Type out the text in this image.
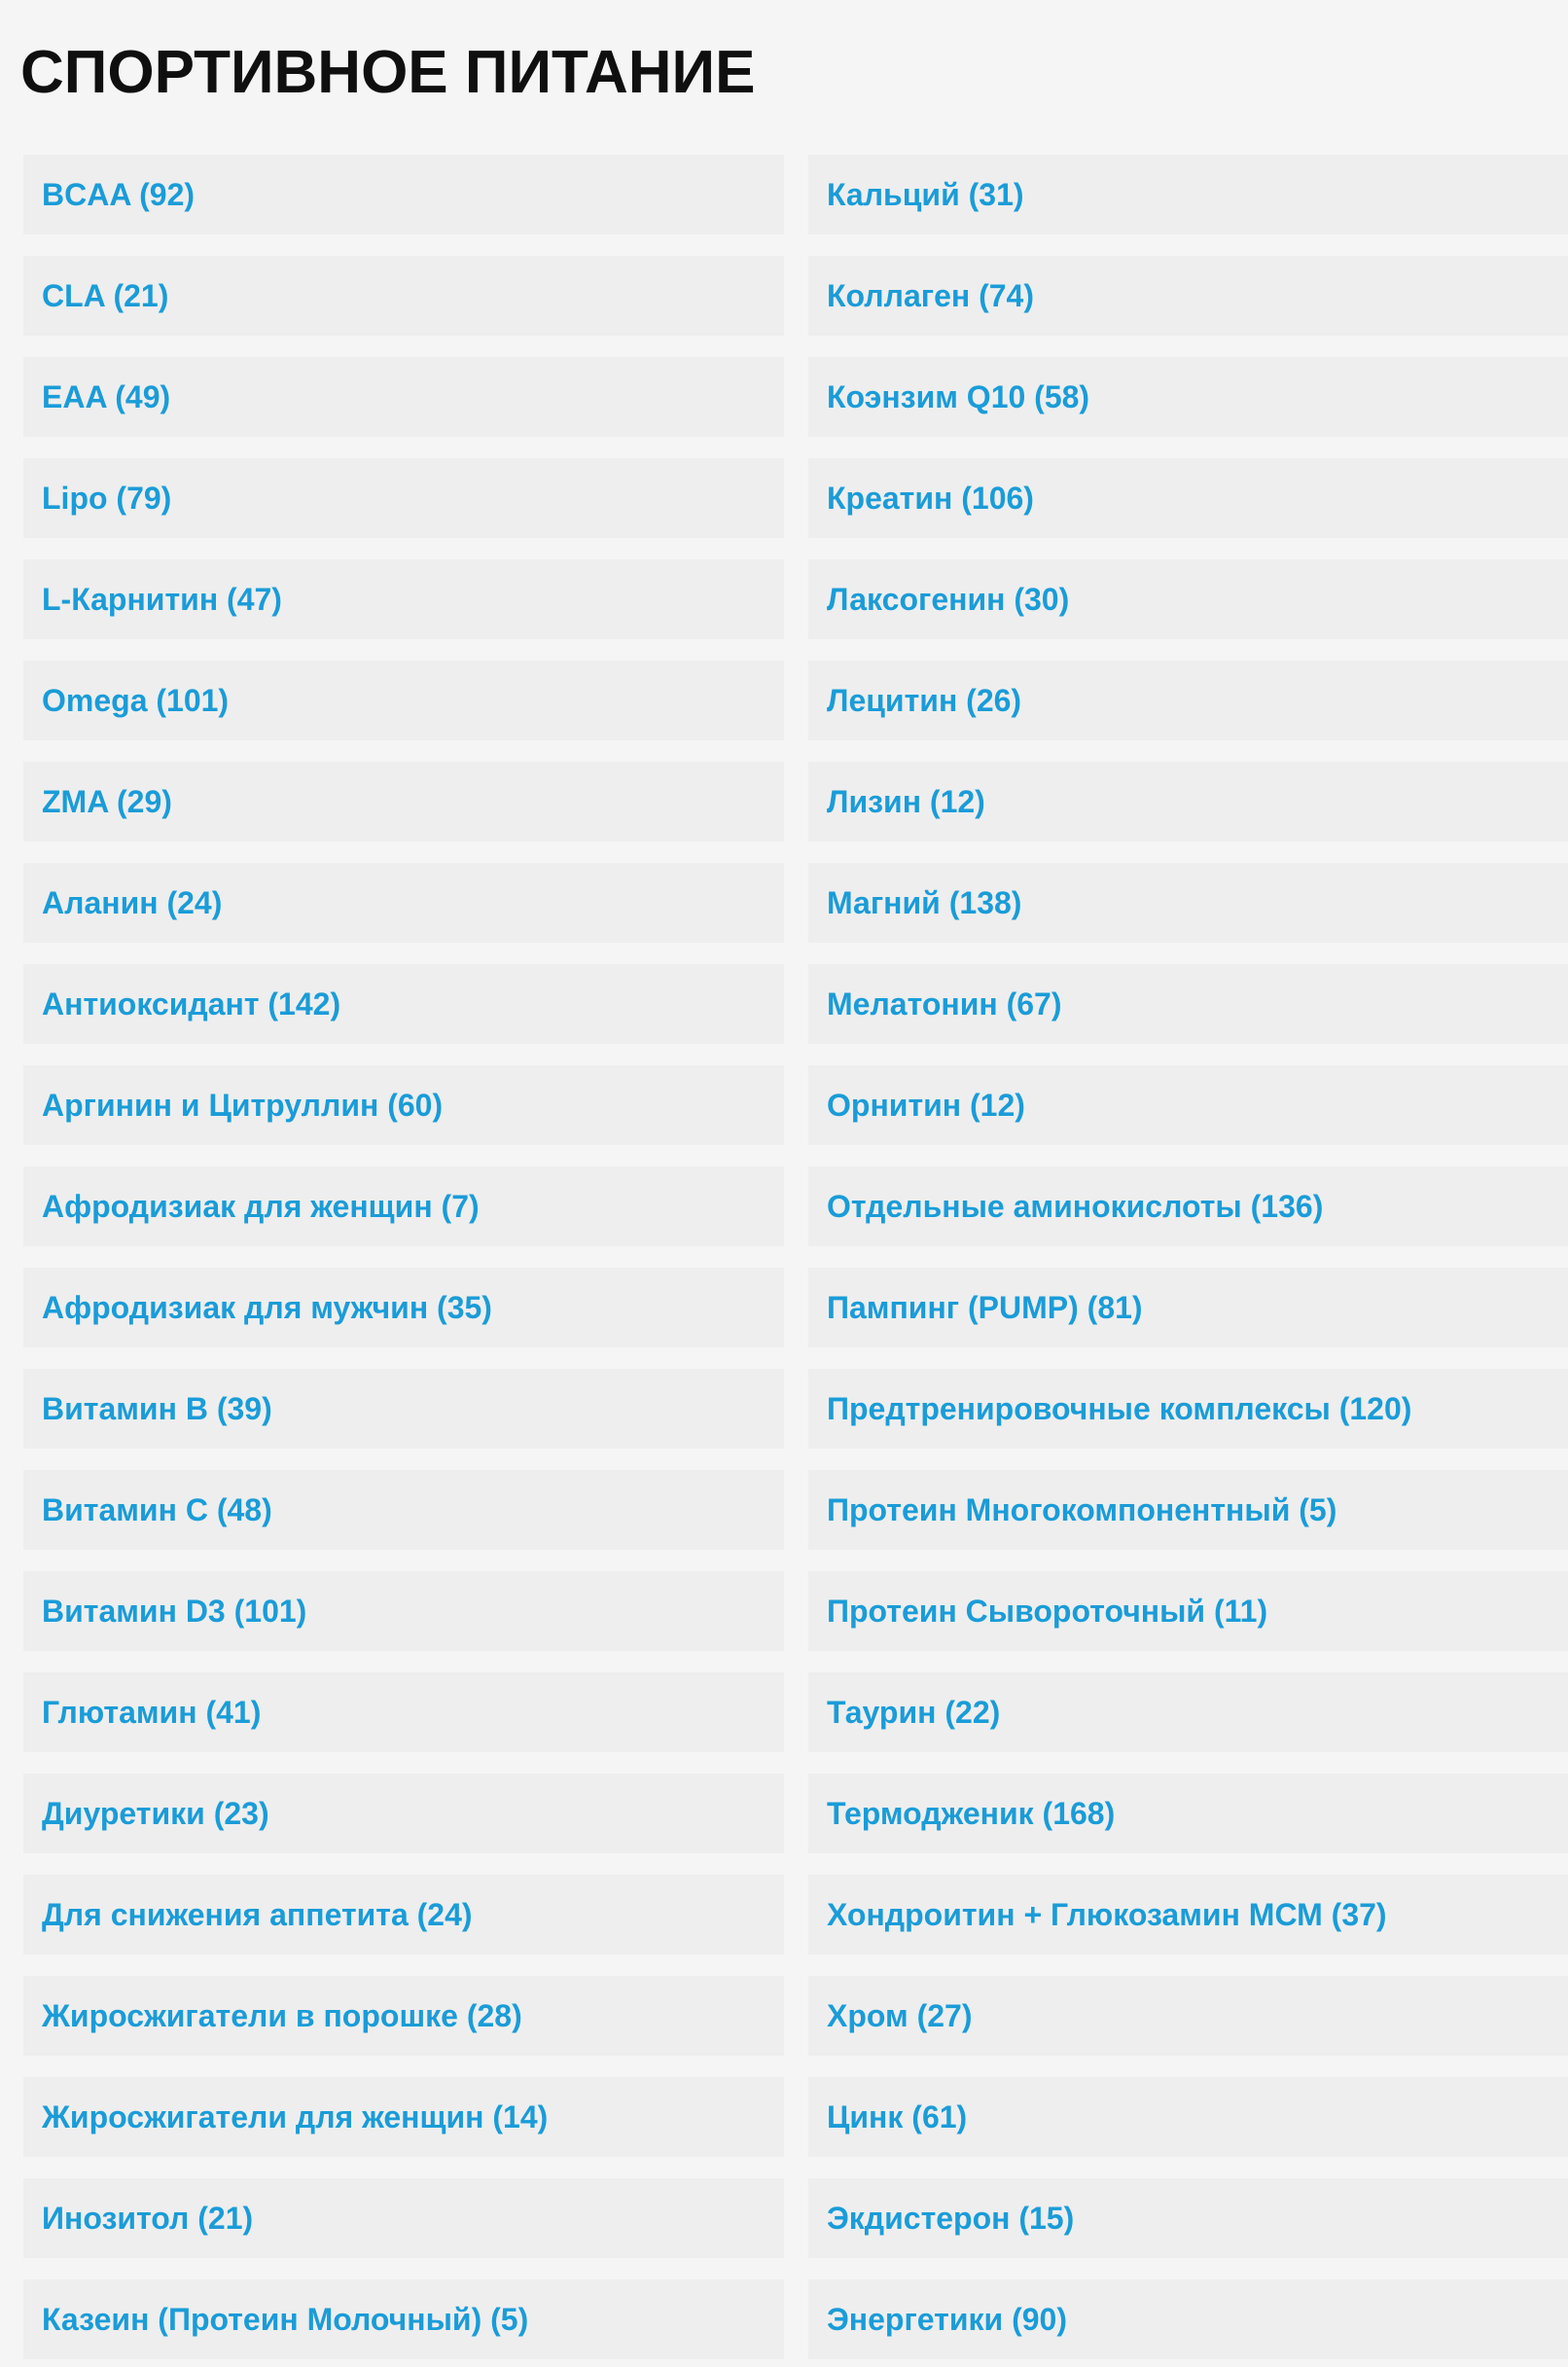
СПОРТИВНОЕ ПИТАНИЕ
BCAA (92)
CLA (21)
EAA (49)
Lipo (79)
L-Карнитин (47)
Omega (101)
ZMA (29)
Аланин (24)
Антиоксидант (142)
Аргинин и Цитруллин (60)
Афродизиак для женщин (7)
Афродизиак для мужчин (35)
Витамин B (39)
Витамин C (48)
Витамин D3 (101)
Глютамин (41)
Диуретики (23)
Для снижения аппетита (24)
Жиросжигатели в порошке (28)
Жиросжигатели для женщин (14)
Инозитол (21)
Казеин (Протеин Молочный) (5)
Кальций (31)
Коллаген (74)
Коэнзим Q10 (58)
Креатин (106)
Лаксогенин (30)
Лецитин (26)
Лизин (12)
Магний (138)
Мелатонин (67)
Орнитин (12)
Отдельные аминокислоты (136)
Пампинг (PUMP) (81)
Предтренировочные комплексы (120)
Протеин Многокомпонентный (5)
Протеин Сывороточный (11)
Таурин (22)
Термодженик (168)
Хондроитин + Глюкозамин МСМ (37)
Хром (27)
Цинк (61)
Экдистерон (15)
Энергетики (90)
